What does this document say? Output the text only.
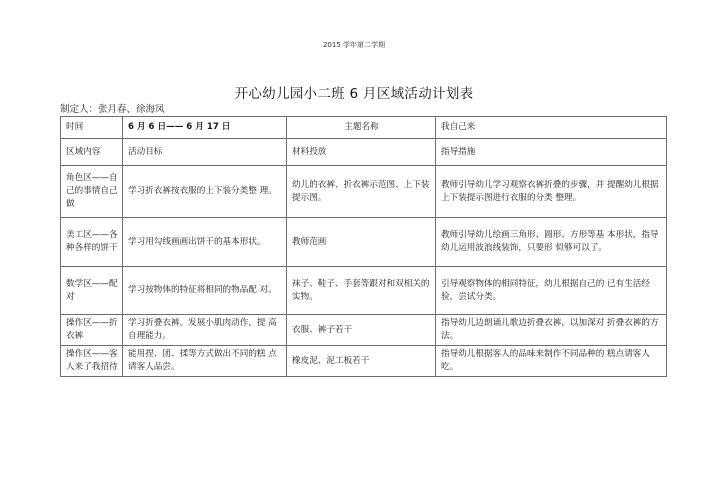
2015 学年第二学期
开心幼儿园小二班 6 月区域活动计划表
制定人：张月春、徐海凤
时间	6 月 6 日—— 6 月 17 日	主题名称	我自己来
区域内容	活动目标	材料投放	指导措施
角色区——自己的事情自己做	学习折衣裤按衣服的上下装分类整 理。	幼儿的衣裤、折衣裤示范图、上下装提示图。	教师引导幼儿学习观察衣裤折叠的步骤，并 提醒幼儿根据上下装提示图进行衣服的分类 整理。
美工区——各种各样的饼干	学习用勾线画画出饼干的基本形状。	教师范画	教师引导幼儿绘画三角形、圆形、方形等基 本形状，指导幼儿运用波浪线装饰，只要形 似够可以了。
数学区——配对	学习按物体的特征将相同的物品配 对。	袜子、鞋子、手套等跟对和双相关的实物。	引导观察物体的相同特征，幼儿根据自己的 已有生活经验，尝试分类。
操作区——折衣裤	学习折叠衣裤，发展小肌肉动作，提 高自理能力。	衣服、裤子若干	指导幼儿边朗诵儿歌边折叠衣裤，以加深对 折叠衣裤的方法。
操作区——客人来了我招待	能用捏、团、揉等方式做出不同的糕 点请客人品尝。	橡皮泥、泥工板若干	指导幼儿根据客人的品味来制作不同品种的 糕点请客人吃。
